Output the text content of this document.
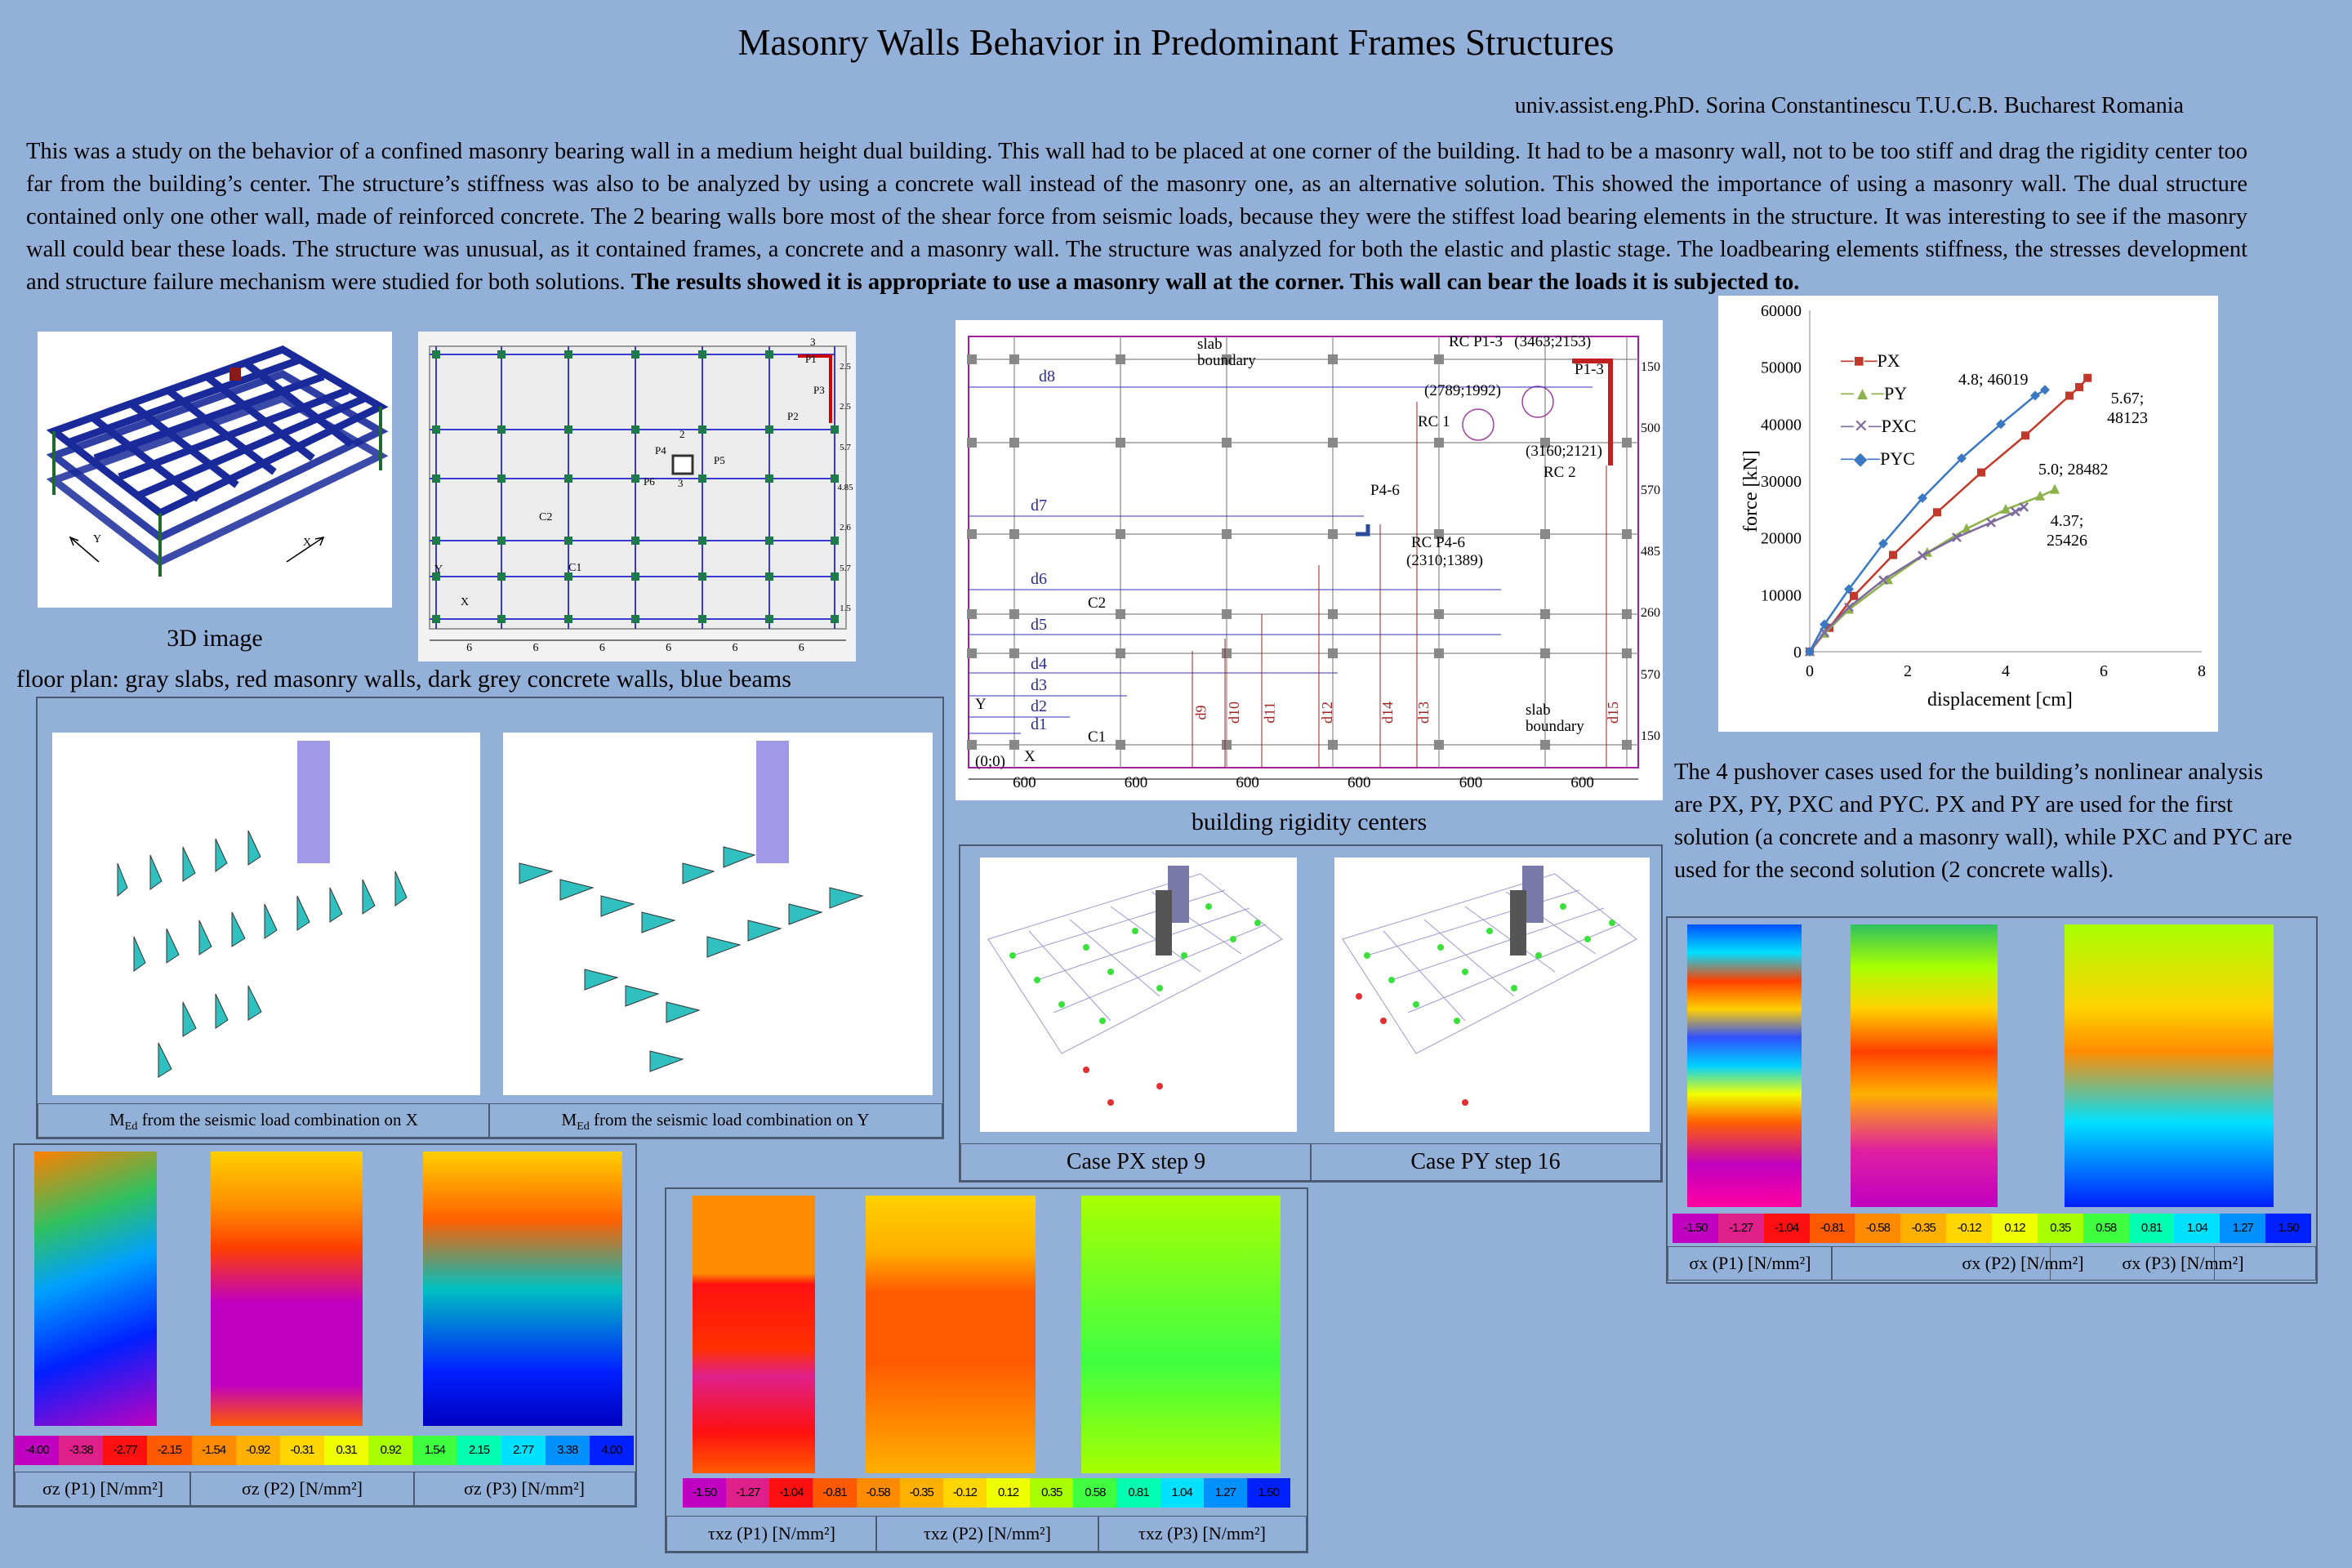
Masonry Walls Behavior in Predominant Frames Structures
univ.assist.eng.PhD. Sorina Constantinescu T.U.C.B. Bucharest Romania
This was a study on the behavior of a confined masonry bearing wall in a medium height dual building. This wall had to be placed at one corner of the building. It had to be a masonry wall, not to be too stiff and drag the rigidity center too far from the building’s center. The structure’s stiffness was also to be analyzed by using a concrete wall instead of the masonry one, as an alternative solution. This showed the importance of using a masonry wall. The dual structure contained only one other wall, made of reinforced concrete. The 2 bearing walls bore most of the shear force from seismic loads, because they were the stiffest load bearing elements in the structure. It was interesting to see if the masonry wall could bear these loads. The structure was unusual, as it contained frames, a concrete and a masonry wall. The structure was analyzed for both the elastic and plastic stage. The loadbearing elements stiffness, the stresses development and structure failure mechanism were studied for both solutions. The results showed it is appropriate to use a masonry wall at the corner. This wall can bear the loads it is subjected to.
Y	X
3D image
P1
P3
P2
P4
P5
P6
2
3
3
C2
C1
Y
X
6	6	6	6	6	6
2.5
2.5
5.7
4.85
2.6
5.7
1.5
floor plan: gray slabs, red masonry walls, dark grey concrete walls, blue beams
d8
d7
d6
d5
d4
d3
d2
d1
d9 d10 d11	d12	d14 d13	d15
slab
boundary
slab
boundary
RC P1-3   (3463;2153)
P1-3
(2789;1992)
RC 1
(3160;2121)
RC 2
P4-6
RC P4-6
(2310;1389)
C2
C1
(0;0) X
Y
600	600	600	600	600	600
150
500
570
485
260
570
150
building rigidity centers
0
10000
20000
30000
40000
50000
60000
0	2	4	6	8
displacement [cm]
force [kN]
─■─PX
─▲─PY
─✕─PXC
─◆─PYC
4.8; 46019
5.67;
48123
5.0; 28482
4.37;
25426
The 4 pushover cases used for the building’s nonlinear analysis are PX, PY, PXC and PYC. PX and PY are used for the first solution (a concrete and a masonry wall), while PXC and PYC are used for the second solution (2 concrete walls).
$M_{Ed}$ from the seismic load combination on X	$M_{Ed}$ from the seismic load combination on Y
Case PX step 9	Case PY step 16
-1.50	-1.27	-1.04	-0.81	-0.58	-0.35	-0.12	0.12	0.35	0.58	0.81	1.04	1.27	1.50
σx (P1) [N/mm²]	σx (P2) [N/mm²]	σx (P3) [N/mm²]
-4.00	-3.38	-2.77	-2.15	-1.54	-0.92	-0.31	0.31	0.92	1.54	2.15	2.77	3.38	4.00
σz (P1) [N/mm²]	σz (P2) [N/mm²]	σz (P3) [N/mm²]	-1.50	-1.27	-1.04	-0.81	-0.58	-0.35	-0.12	0.12	0.35	0.58	0.81	1.04	1.27	1.50
τxz (P1) [N/mm²]	τxz (P2) [N/mm²]	τxz (P3) [N/mm²]
